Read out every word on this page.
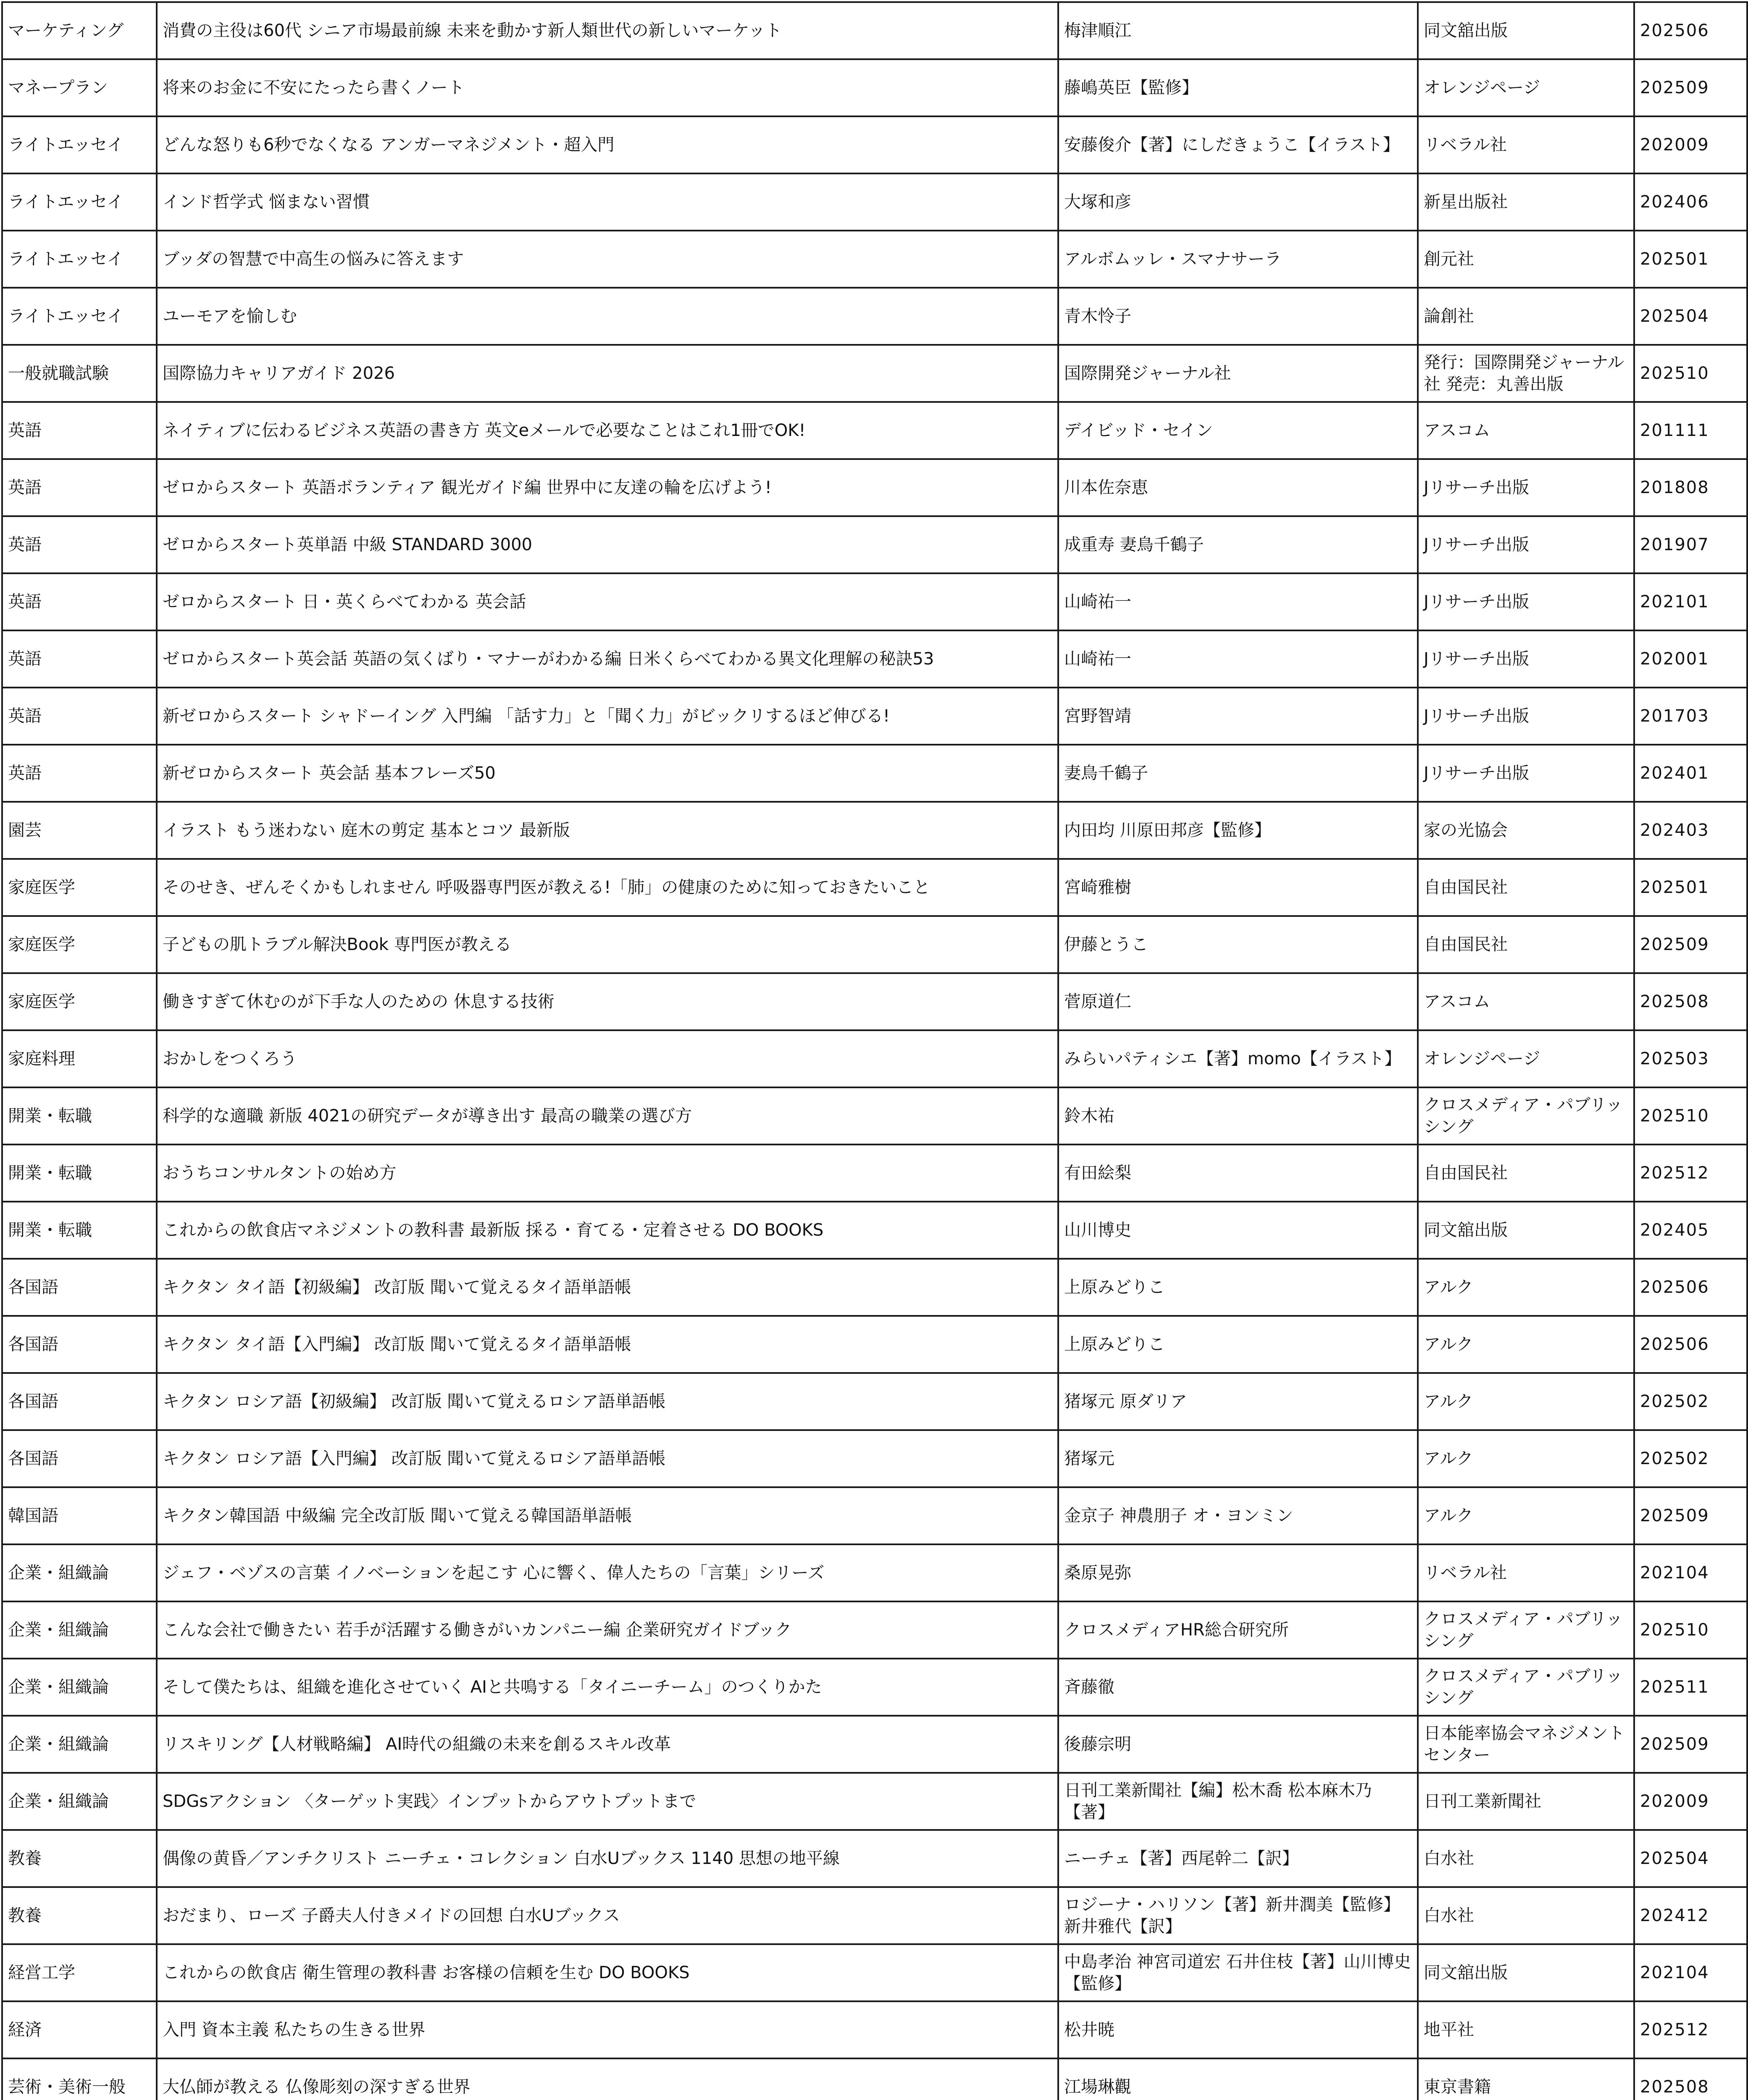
マーケティング	消費の主役は60代 シニア市場最前線 未来を動かす新人類世代の新しいマーケット	梅津順江	同文舘出版	202506
マネープラン	将来のお金に不安にたったら書くノート	藤嶋英臣【監修】	オレンジページ	202509
ライトエッセイ	どんな怒りも6秒でなくなる アンガーマネジメント・超入門	安藤俊介【著】にしだきょうこ【イラスト】	リベラル社	202009
ライトエッセイ	インド哲学式 悩まない習慣	大塚和彦	新星出版社	202406
ライトエッセイ	ブッダの智慧で中高生の悩みに答えます	アルボムッレ・スマナサーラ	創元社	202501
ライトエッセイ	ユーモアを愉しむ	青木怜子	論創社	202504
一般就職試験	国際協力キャリアガイド 2026	国際開発ジャーナル社	発行：国際開発ジャーナル社 発売：丸善出版	202510
英語	ネイティブに伝わるビジネス英語の書き方 英文eメールで必要なことはこれ1冊でOK!	デイビッド・セイン	アスコム	201111
英語	ゼロからスタート 英語ボランティア 観光ガイド編 世界中に友達の輪を広げよう!	川本佐奈恵	Jリサーチ出版	201808
英語	ゼロからスタート英単語 中級 STANDARD 3000	成重寿 妻鳥千鶴子	Jリサーチ出版	201907
英語	ゼロからスタート 日・英くらべてわかる 英会話	山崎祐一	Jリサーチ出版	202101
英語	ゼロからスタート英会話 英語の気くばり・マナーがわかる編 日米くらべてわかる異文化理解の秘訣53	山崎祐一	Jリサーチ出版	202001
英語	新ゼロからスタート シャドーイング 入門編 「話す力」と「聞く力」がビックリするほど伸びる!	宮野智靖	Jリサーチ出版	201703
英語	新ゼロからスタート 英会話 基本フレーズ50	妻鳥千鶴子	Jリサーチ出版	202401
園芸	イラスト もう迷わない 庭木の剪定 基本とコツ 最新版	内田均 川原田邦彦【監修】	家の光協会	202403
家庭医学	そのせき、ぜんそくかもしれません 呼吸器専門医が教える!「肺」の健康のために知っておきたいこと	宮崎雅樹	自由国民社	202501
家庭医学	子どもの肌トラブル解決Book 専門医が教える	伊藤とうこ	自由国民社	202509
家庭医学	働きすぎて休むのが下手な人のための 休息する技術	菅原道仁	アスコム	202508
家庭料理	おかしをつくろう	みらいパティシエ【著】momo【イラスト】	オレンジページ	202503
開業・転職	科学的な適職 新版 4021の研究データが導き出す 最高の職業の選び方	鈴木祐	クロスメディア・パブリッシング	202510
開業・転職	おうちコンサルタントの始め方	有田絵梨	自由国民社	202512
開業・転職	これからの飲食店マネジメントの教科書 最新版 採る・育てる・定着させる DO BOOKS	山川博史	同文舘出版	202405
各国語	キクタン タイ語【初級編】 改訂版 聞いて覚えるタイ語単語帳	上原みどりこ	アルク	202506
各国語	キクタン タイ語【入門編】 改訂版 聞いて覚えるタイ語単語帳	上原みどりこ	アルク	202506
各国語	キクタン ロシア語【初級編】 改訂版 聞いて覚えるロシア語単語帳	猪塚元 原ダリア	アルク	202502
各国語	キクタン ロシア語【入門編】 改訂版 聞いて覚えるロシア語単語帳	猪塚元	アルク	202502
韓国語	キクタン韓国語 中級編 完全改訂版 聞いて覚える韓国語単語帳	金京子 神農朋子 オ・ヨンミン	アルク	202509
企業・組織論	ジェフ・ベゾスの言葉 イノベーションを起こす 心に響く、偉人たちの「言葉」シリーズ	桑原晃弥	リベラル社	202104
企業・組織論	こんな会社で働きたい 若手が活躍する働きがいカンパニー編 企業研究ガイドブック	クロスメディアHR総合研究所	クロスメディア・パブリッシング	202510
企業・組織論	そして僕たちは、組織を進化させていく AIと共鳴する「タイニーチーム」のつくりかた	斉藤徹	クロスメディア・パブリッシング	202511
企業・組織論	リスキリング【人材戦略編】 AI時代の組織の未来を創るスキル改革	後藤宗明	日本能率協会マネジメントセンター	202509
企業・組織論	SDGsアクション 〈ターゲット実践〉インプットからアウトプットまで	日刊工業新聞社【編】松木喬 松本麻木乃【著】	日刊工業新聞社	202009
教養	偶像の黄昏／アンチクリスト ニーチェ・コレクション 白水Uブックス 1140 思想の地平線	ニーチェ【著】西尾幹二【訳】	白水社	202504
教養	おだまり、ローズ 子爵夫人付きメイドの回想 白水Uブックス	ロジーナ・ハリソン【著】新井潤美【監修】新井雅代【訳】	白水社	202412
経営工学	これからの飲食店 衛生管理の教科書 お客様の信頼を生む DO BOOKS	中島孝治 神宮司道宏 石井住枝【著】山川博史【監修】	同文舘出版	202104
経済	入門 資本主義 私たちの生きる世界	松井暁	地平社	202512
芸術・美術一般	大仏師が教える 仏像彫刻の深すぎる世界	江場琳觀	東京書籍	202508
